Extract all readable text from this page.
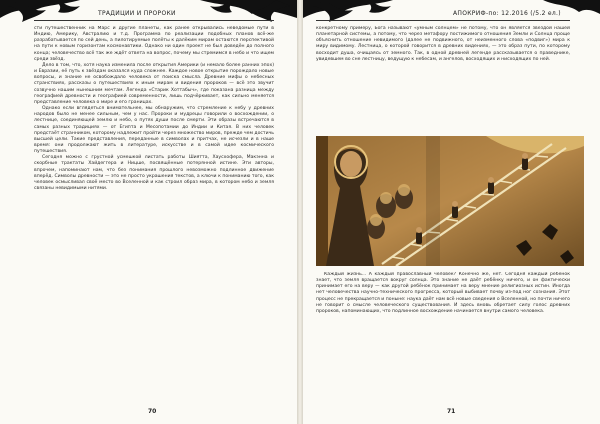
ТРАДИЦИИ И ПРОРОКИ

сти путешественник на Марс и другие планеты, как ранее открывались неведомые пути в Индию, Америку, Австралию и т.д. Программа по реализации подобных планов всё-же разрабатывается по сей день, а пилотируемые полёты к далёким мирам остаются перспективой на пути к новым горизонтам космонавтики. Однако ни один проект не был доведён до полного конца; человечество всё так же ждёт ответа на вопрос, почему мы стремимся в небо и что ищем среди звёзд.

Дело в том, что, хотя наука изменила после открытия Америки (и немало более ранних эпох) и Евразии, её путь к звёздам оказался куда сложнее. Каждое новое открытие порождало новые вопросы, и знание не освобождало человека от поиска смысла. Древние мифы о небесных странствиях, рассказы о путешествиях к иным мирам и видения пророков — всё это звучит созвучно нашим нынешним мечтам. Легенда «Старик Хоттабыч», где показана разница между географией древности и географией современности, лишь подчёркивает, как сильно меняется представление человека о мире и его границах.

Однако если вглядеться внимательнее, мы обнаружим, что стремление к небу у древних народов было не менее сильным, чем у нас. Пророки и мудрецы говорили о восхождении, о лестнице, соединяющей землю и небо, о путях души после смерти. Эти образы встречаются в самых разных традициях — от Египта и Месопотамии до Индии и Китая. В них человек предстаёт странником, которому надлежит пройти через множество миров, прежде чем достичь высшей цели. Такие представления, переданные в символах и притчах, не исчезли и в наше время: они продолжают жить в литературе, искусстве и в самой идее космического путешествия.

Сегодня можно с грустной усмешкой листать работы Шиятта, Хаусхофера, Макэнна и скорбные трактаты Хайдеггера и Ницше, посвящённые потерянной истине. Эти авторы, впрочем, напоминают нам, что без понимания прошлого невозможно подлинное движение вперёд. Символы древности — это не просто украшения текстов, а ключи к пониманию того, как человек осмысливал своё место во Вселенной и как строил образ мира, в котором небо и земля связаны невидимыми нитями.

70
АПОКРИФ-по: 12.2016 (/5.2 ел.)

конкретному примеру, Бога называют «умным солнцем» не потому, что он является звездой нашей планетарной системы, а потому, что через метафору постижимого отношения Земли и Солнца проще объяснить отношение невидимого (далее не подвижного, от неизменного слова «подвиг») мира к миру видимому. Лестница, о которой говорится в древних видениях, — это образ пути, по которому восходит душа, очищаясь от земного. Так, в одной древней легенде рассказывается о праведнике, увидевшем во сне лестницу, ведущую к небесам, и ангелов, восходящих и нисходящих по ней.

Каждый жизнь... А каждый православный человек? Конечно же, нет. Сегодня каждый ребёнок знает, что земля вращается вокруг солнца. Это знание не даёт ребёнку ничего, и он фактически принимает его на веру — как другой ребёнок принимает на веру мнение религиозных истин. Иногда нет человечества научно-технического прогресса, который выбивает почву из-под ног сознания. Этот процесс не прекращается и поныне: наука даёт нам всё новые сведения о Вселенной, но почти ничего не говорит о смысле человеческого существования. И здесь вновь обретает силу голос древних пророков, напоминающих, что подлинное восхождение начинается внутри самого человека.

71
